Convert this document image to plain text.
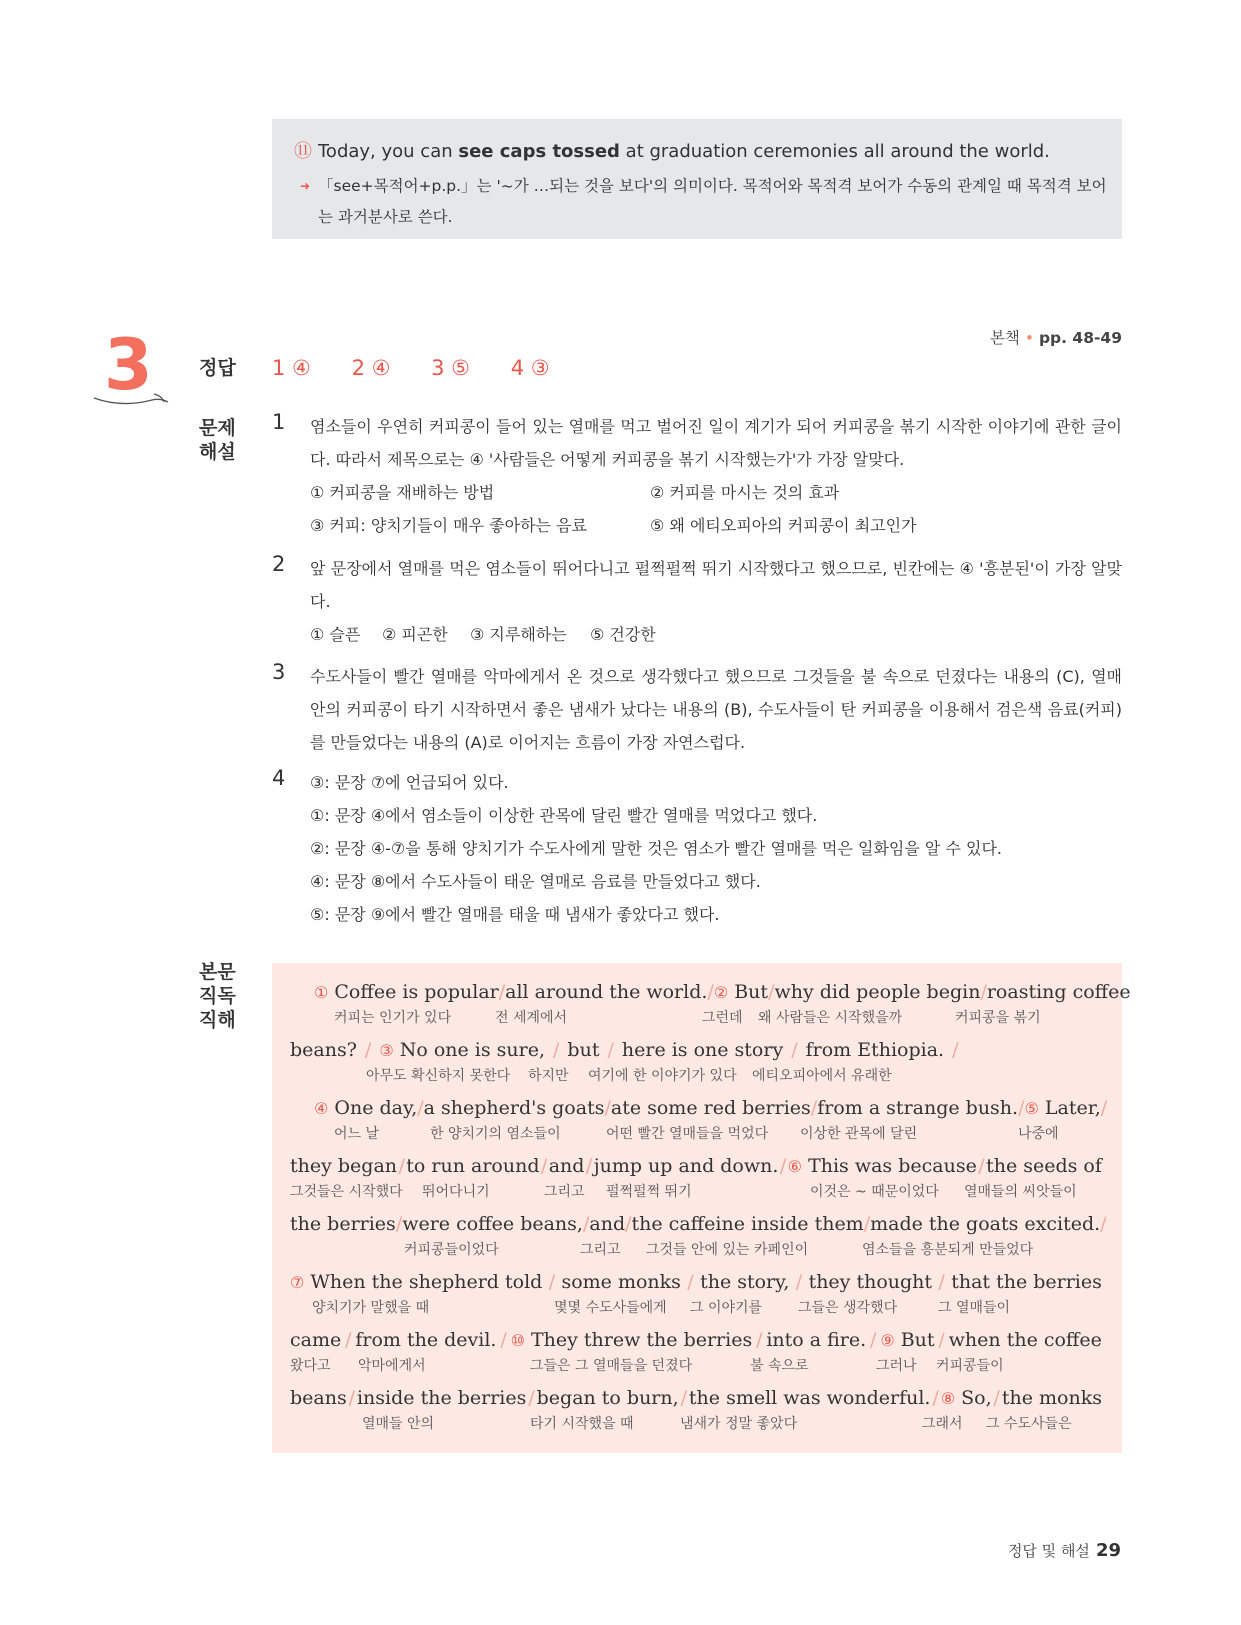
⑪ Today, you can see caps tossed at graduation ceremonies all around the world.
➜ 「see+목적어+p.p.」는 '~가 …되는 것을 보다'의 의미이다. 목적어와 목적격 보어가 수동의 관계일 때 목적격 보어는 과거분사로 쓴다.
본책 • pp. 48-49
3 정답 1 ④ 2 ④ 3 ⑤ 4 ③
문제
해설
1 염소들이 우연히 커피콩이 들어 있는 열매를 먹고 벌어진 일이 계기가 되어 커피콩을 볶기 시작한 이야기에 관한 글이다. 따라서 제목으로는 ④ '사람들은 어떻게 커피콩을 볶기 시작했는가'가 가장 알맞다.
① 커피콩을 재배하는 방법	② 커피를 마시는 것의 효과
③ 커피: 양치기들이 매우 좋아하는 음료	⑤ 왜 에티오피아의 커피콩이 최고인가
2 앞 문장에서 열매를 먹은 염소들이 뛰어다니고 펄쩍펄쩍 뛰기 시작했다고 했으므로, 빈칸에는 ④ '흥분된'이 가장 알맞다.
① 슬픈 ② 피곤한 ③ 지루해하는 ⑤ 건강한
3 수도사들이 빨간 열매를 악마에게서 온 것으로 생각했다고 했으므로 그것들을 불 속으로 던졌다는 내용의 (C), 열매 안의 커피콩이 타기 시작하면서 좋은 냄새가 났다는 내용의 (B), 수도사들이 탄 커피콩을 이용해서 검은색 음료(커피)를 만들었다는 내용의 (A)로 이어지는 흐름이 가장 자연스럽다.
4 ③: 문장 ⑦에 언급되어 있다.
①: 문장 ④에서 염소들이 이상한 관목에 달린 빨간 열매를 먹었다고 했다.
②: 문장 ④-⑦을 통해 양치기가 수도사에게 말한 것은 염소가 빨간 열매를 먹은 일화임을 알 수 있다.
④: 문장 ⑧에서 수도사들이 태운 열매로 음료를 만들었다고 했다.
⑤: 문장 ⑨에서 빨간 열매를 태울 때 냄새가 좋았다고 했다.
본문
직독
직해
① Coffee is popular / all around the world. / ② But / why did people begin / roasting coffee
커피는 인기가 있다	전 세계에서	그런데 왜 사람들은 시작했을까	커피콩을 볶기
beans? / ③ No one is sure, / but / here is one story / from Ethiopia. /
아무도 확신하지 못한다 하지만 여기에 한 이야기가 있다 에티오피아에서 유래한
④ One day, / a shepherd's goats / ate some red berries / from a strange bush. / ⑤ Later, /
어느 날	한 양치기의 염소들이	어떤 빨간 열매들을 먹었다 이상한 관목에 달린	나중에
they began / to run around / and / jump up and down. / ⑥ This was because / the seeds of
그것들은 시작했다 뛰어다니기	그리고 펄쩍펄쩍 뛰기	이것은 ~ 때문이었다 열매들의 씨앗들이
the berries / were coffee beans, / and / the caffeine inside them / made the goats excited. /
커피콩들이었다	그리고 그것들 안에 있는 카페인이	염소들을 흥분되게 만들었다
⑦ When the shepherd told / some monks / the story, / they thought / that the berries
양치기가 말했을 때	몇몇 수도사들에게 그 이야기를	그들은 생각했다	그 열매들이
came / from the devil. / ⑩ They threw the berries / into a fire. / ⑨ But / when the coffee
왔다고 악마에게서	그들은 그 열매들을 던졌다	불 속으로	그러나 커피콩들이
beans / inside the berries / began to burn, / the smell was wonderful. / ⑧ So, / the monks
열매들 안의	타기 시작했을 때	냄새가 정말 좋았다	그래서 그 수도사들은
정답 및 해설 29
